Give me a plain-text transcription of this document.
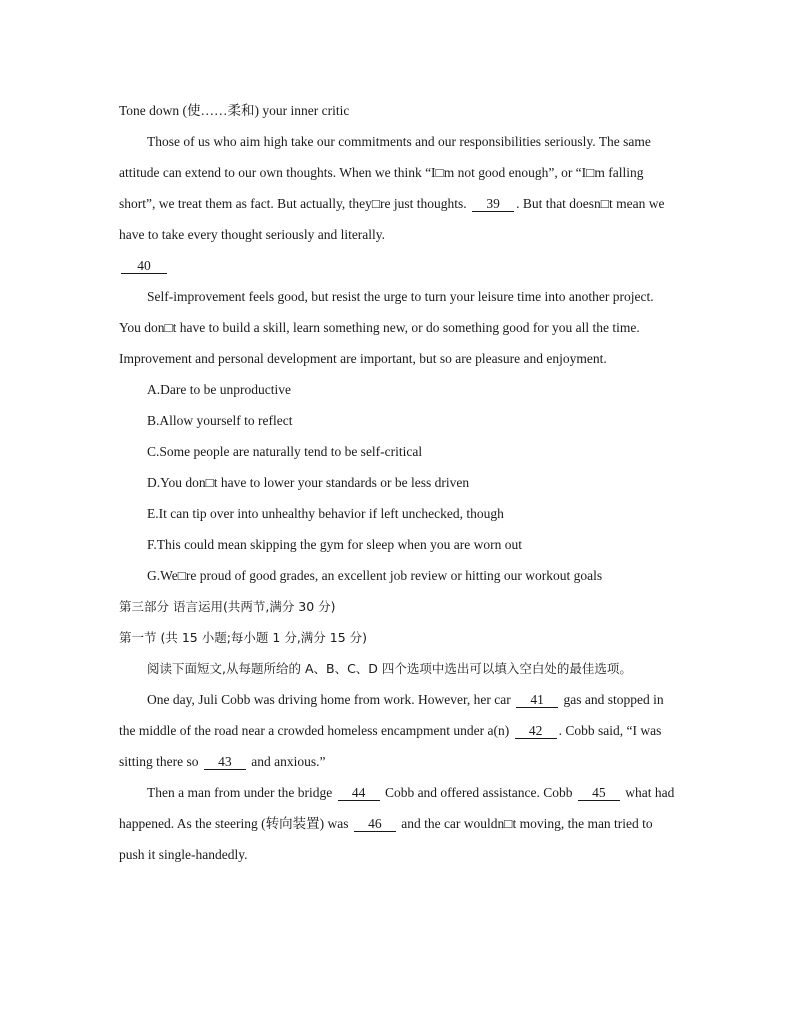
Tone down (使……柔和) your inner critic
Those of us who aim high take our commitments and our responsibilities seriously. The same
attitude can extend to our own thoughts. When we think “I□m not good enough”, or “I□m falling
short”, we treat them as fact. But actually, they□re just thoughts. 39 . But that doesn□t mean we
have to take every thought seriously and literally.
40
Self-improvement feels good, but resist the urge to turn your leisure time into another project.
You don□t have to build a skill, learn something new, or do something good for you all the time.
Improvement and personal development are important, but so are pleasure and enjoyment.
A.Dare to be unproductive
B.Allow yourself to reflect
C.Some people are naturally tend to be self-critical
D.You don□t have to lower your standards or be less driven
E.It can tip over into unhealthy behavior if left unchecked, though
F.This could mean skipping the gym for sleep when you are worn out
G.We□re proud of good grades, an excellent job review or hitting our workout goals
第三部分 语言运用(共两节,满分 30 分)
第一节 (共 15 小题;每小题 1 分,满分 15 分)
阅读下面短文,从每题所给的 A、B、C、D 四个选项中选出可以填入空白处的最佳选项。
One day, Juli Cobb was driving home from work. However, her car 41 gas and stopped in
the middle of the road near a crowded homeless encampment under a(n) 42 . Cobb said, “I was
sitting there so 43 and anxious.”
Then a man from under the bridge 44 Cobb and offered assistance. Cobb 45 what had
happened. As the steering (转向装置) was 46 and the car wouldn□t moving, the man tried to
push it single-handedly.
